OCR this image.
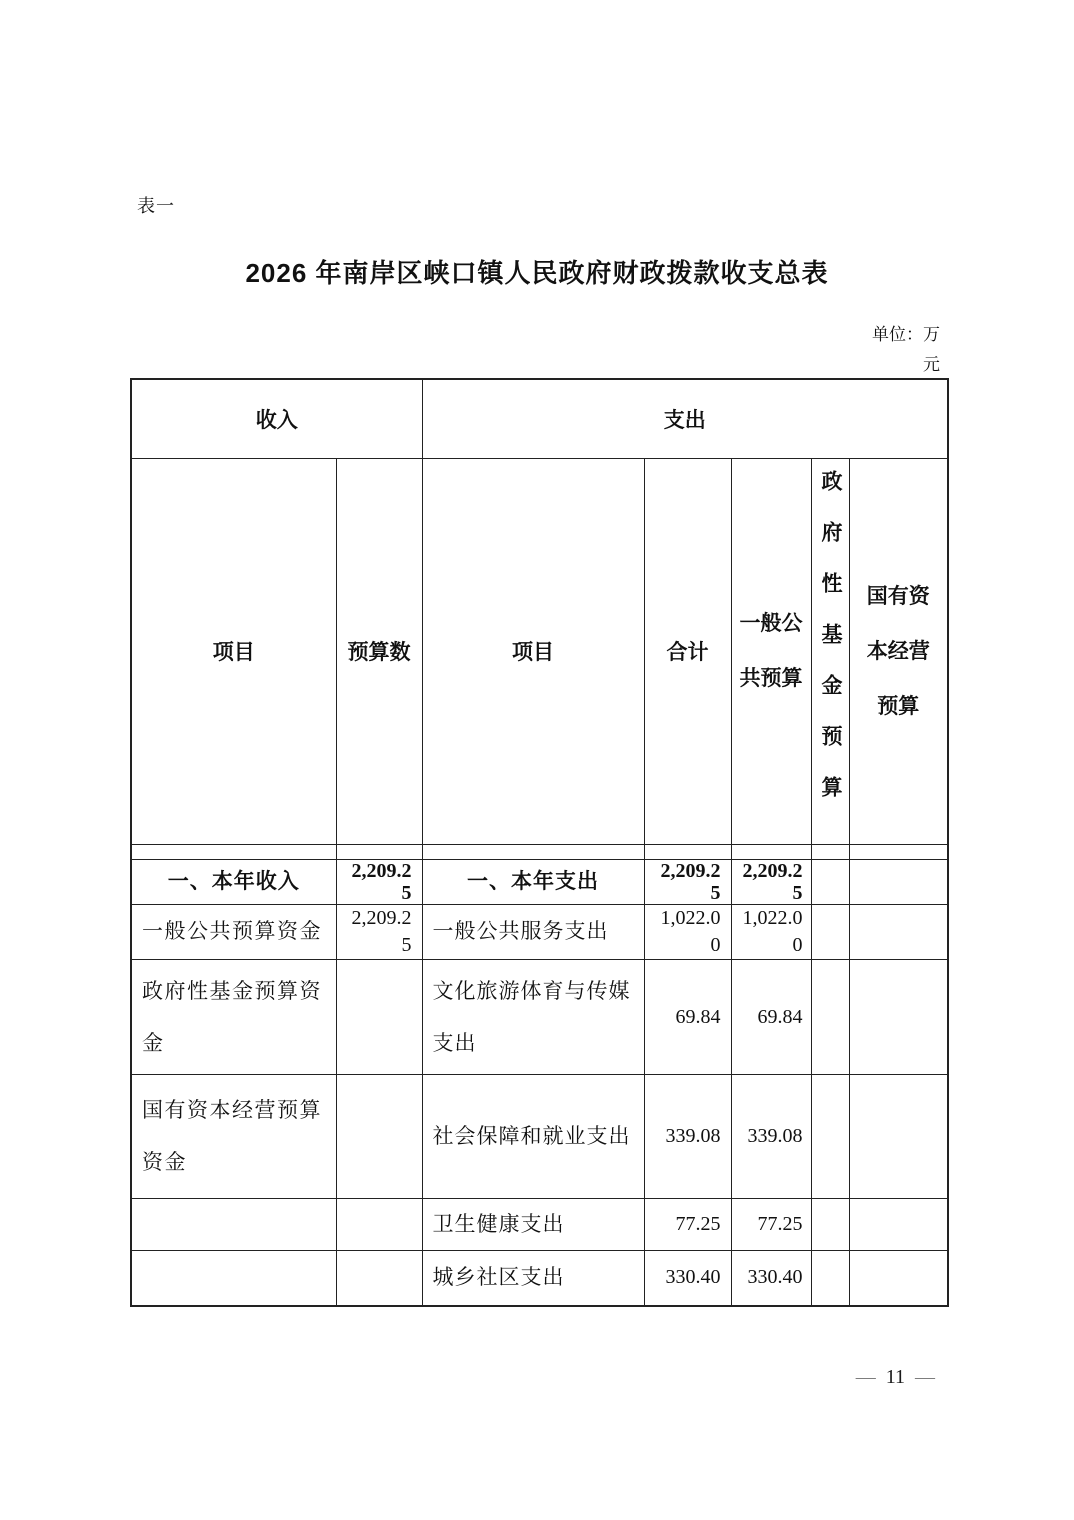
表一
2026 年南岸区峡口镇人民政府财政拨款收支总表
单位：万元
收入		支出				
项目	预算数	项目	合计	一般公共预算	政府性基金预算	国有资本经营预算

一、本年收入	2,209.25	一、本年支出	2,209.25	2,209.25		
一般公共预算资金	2,209.25	一般公共服务支出	1,022.00	1,022.00		
政府性基金预算资金		文化旅游体育与传媒支出	69.84	69.84		
国有资本经营预算资金		社会保障和就业支出	339.08	339.08		
		卫生健康支出	77.25	77.25		
		城乡社区支出	330.40	330.40		
— 11 —
